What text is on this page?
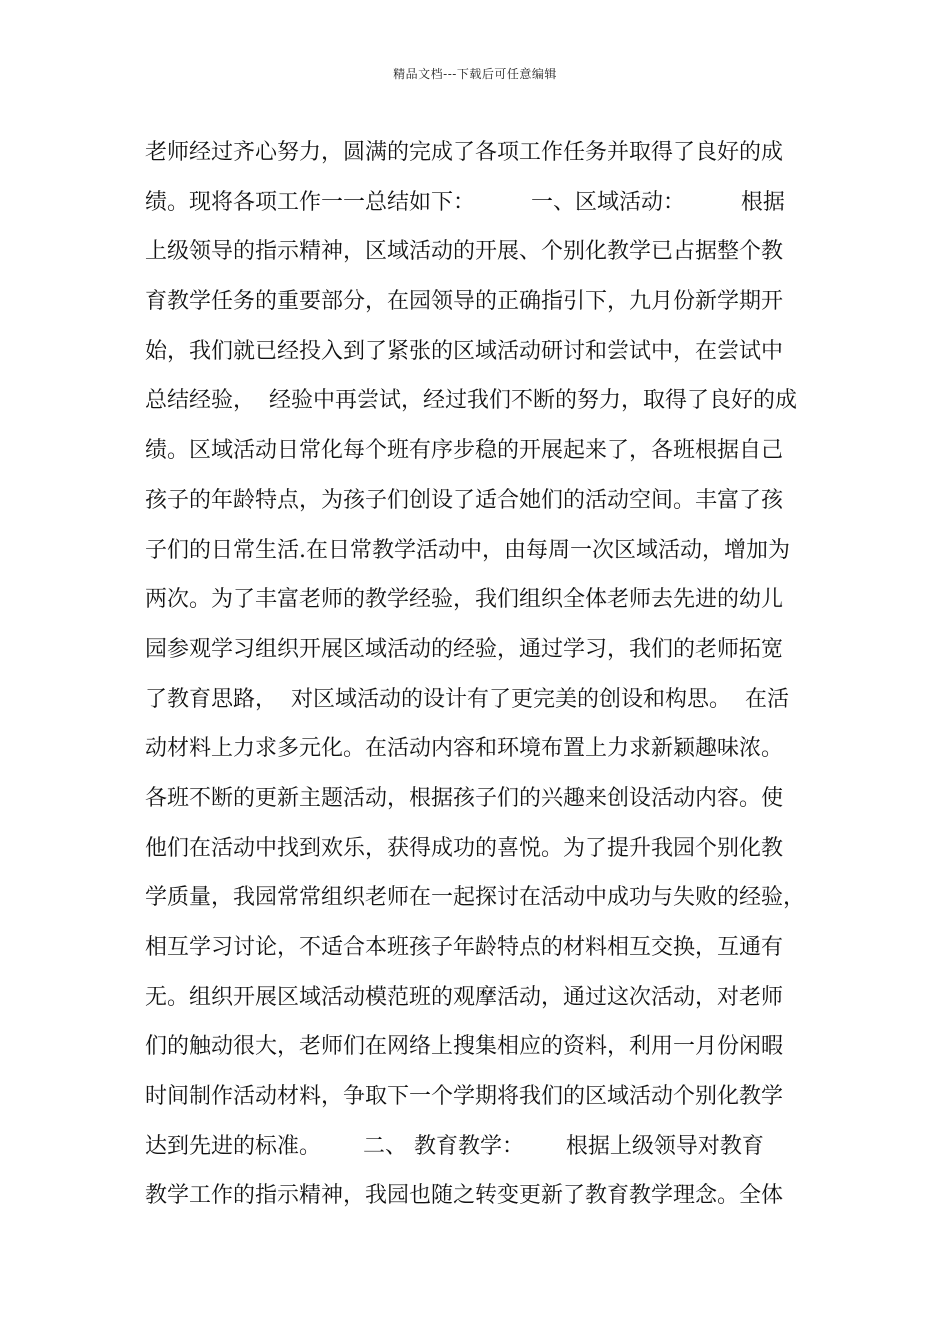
精品文档---下载后可任意编辑
老师经过齐心努力，圆满的完成了各项工作任务并取得了良好的成
绩。现将各项工作一一总结如下：        一、区域活动：        根据
上级领导的指示精神，区域活动的开展、个别化教学已占据整个教
育教学任务的重要部分，在园领导的正确指引下，九月份新学期开
始，我们就已经投入到了紧张的区域活动研讨和尝试中，在尝试中
总结经验，  经验中再尝试，经过我们不断的努力，取得了良好的成
绩。区域活动日常化每个班有序步稳的开展起来了，各班根据自己
孩子的年龄特点，为孩子们创设了适合她们的活动空间。丰富了孩
子们的日常生活.在日常教学活动中，由每周一次区域活动，增加为
两次。为了丰富老师的教学经验，我们组织全体老师去先进的幼儿
园参观学习组织开展区域活动的经验，通过学习，我们的老师拓宽
了教育思路，  对区域活动的设计有了更完美的创设和构思。  在活
动材料上力求多元化。在活动内容和环境布置上力求新颖趣味浓。
各班不断的更新主题活动，根据孩子们的兴趣来创设活动内容。使
他们在活动中找到欢乐，获得成功的喜悦。为了提升我园个别化教
学质量，我园常常组织老师在一起探讨在活动中成功与失败的经验，
相互学习讨论，不适合本班孩子年龄特点的材料相互交换，互通有
无。组织开展区域活动模范班的观摩活动，通过这次活动，对老师
们的触动很大，老师们在网络上搜集相应的资料，利用一月份闲暇
时间制作活动材料，争取下一个学期将我们的区域活动个别化教学
达到先进的标准。      二、 教育教学：      根据上级领导对教育
教学工作的指示精神，我园也随之转变更新了教育教学理念。全体
